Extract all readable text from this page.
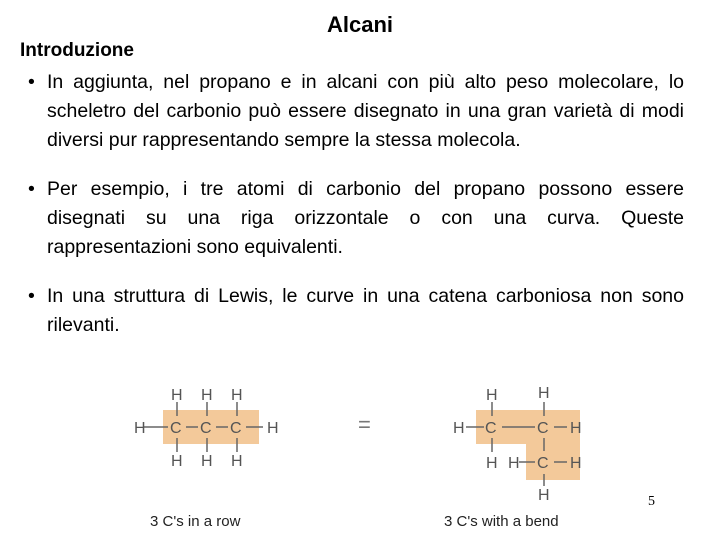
Alcani
Introduzione
• In aggiunta, nel propano e in alcani con più alto peso molecolare, lo scheletro del carbonio può essere disegnato in una gran varietà di modi diversi pur rappresentando sempre la stessa molecola.
• Per esempio, i tre atomi di carbonio del propano possono essere disegnati su una riga orizzontale o con una curva. Queste rappresentazioni sono equivalenti.
• In una struttura di Lewis, le curve in una catena carboniosa non sono rilevanti.
H H H
H C C C H
H H H
=
H	H
H C	C H
H H C H
H
3 C's in a row	3 C's with a bend
5
